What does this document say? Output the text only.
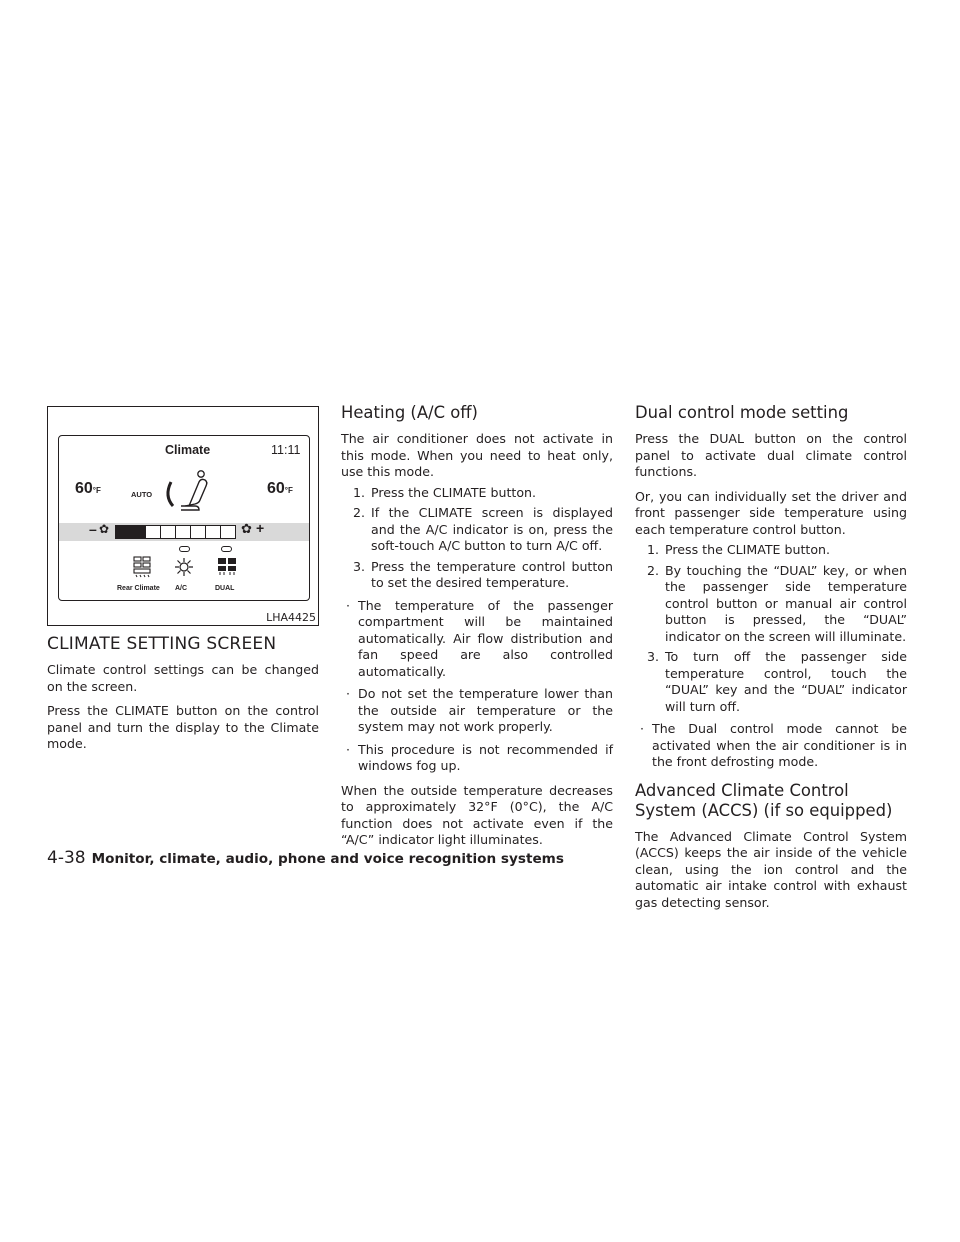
Climate	11:11
60°F	AUTO	60°F
– ✿	✿ +
Rear Climate A/C	DUAL
LHA4425
CLIMATE SETTING SCREEN

Climate control settings can be changed on the screen.

Press the CLIMATE button on the control panel and turn the display to the Climate mode.

Heating (A/C off)

The air conditioner does not activate in this mode. When you need to heat only, use this mode.

1. Press the CLIMATE button.
2. If the CLIMATE screen is displayed and the A/C indicator is on, press the soft-touch A/C button to turn A/C off.
3. Press the temperature control button to set the desired temperature.
· The temperature of the passenger compartment will be maintained automatically. Air flow distribution and fan speed are also controlled automatically.
· Do not set the temperature lower than the outside air temperature or the system may not work properly.
· This procedure is not recommended if windows fog up.

When the outside temperature decreases to approximately 32°F (0°C), the A/C function does not activate even if the “A/C” indicator light illuminates.

Dual control mode setting

Press the DUAL button on the control panel to activate dual climate control functions.

Or, you can individually set the driver and front passenger side temperature using each temperature control button.

1. Press the CLIMATE button.
2. By touching the “DUAL” key, or when the passenger side temperature control button or manual air control button is pressed, the “DUAL” indicator on the screen will illuminate.
3. To turn off the passenger side temperature control, touch the “DUAL” key and the “DUAL” indicator will turn off.
· The Dual control mode cannot be activated when the air conditioner is in the front defrosting mode.
Advanced Climate Control System (ACCS) (if so equipped)

The Advanced Climate Control System (ACCS) keeps the air inside of the vehicle clean, using the ion control and the automatic air intake control with exhaust gas detecting sensor.

4-38 Monitor, climate, audio, phone and voice recognition systems
